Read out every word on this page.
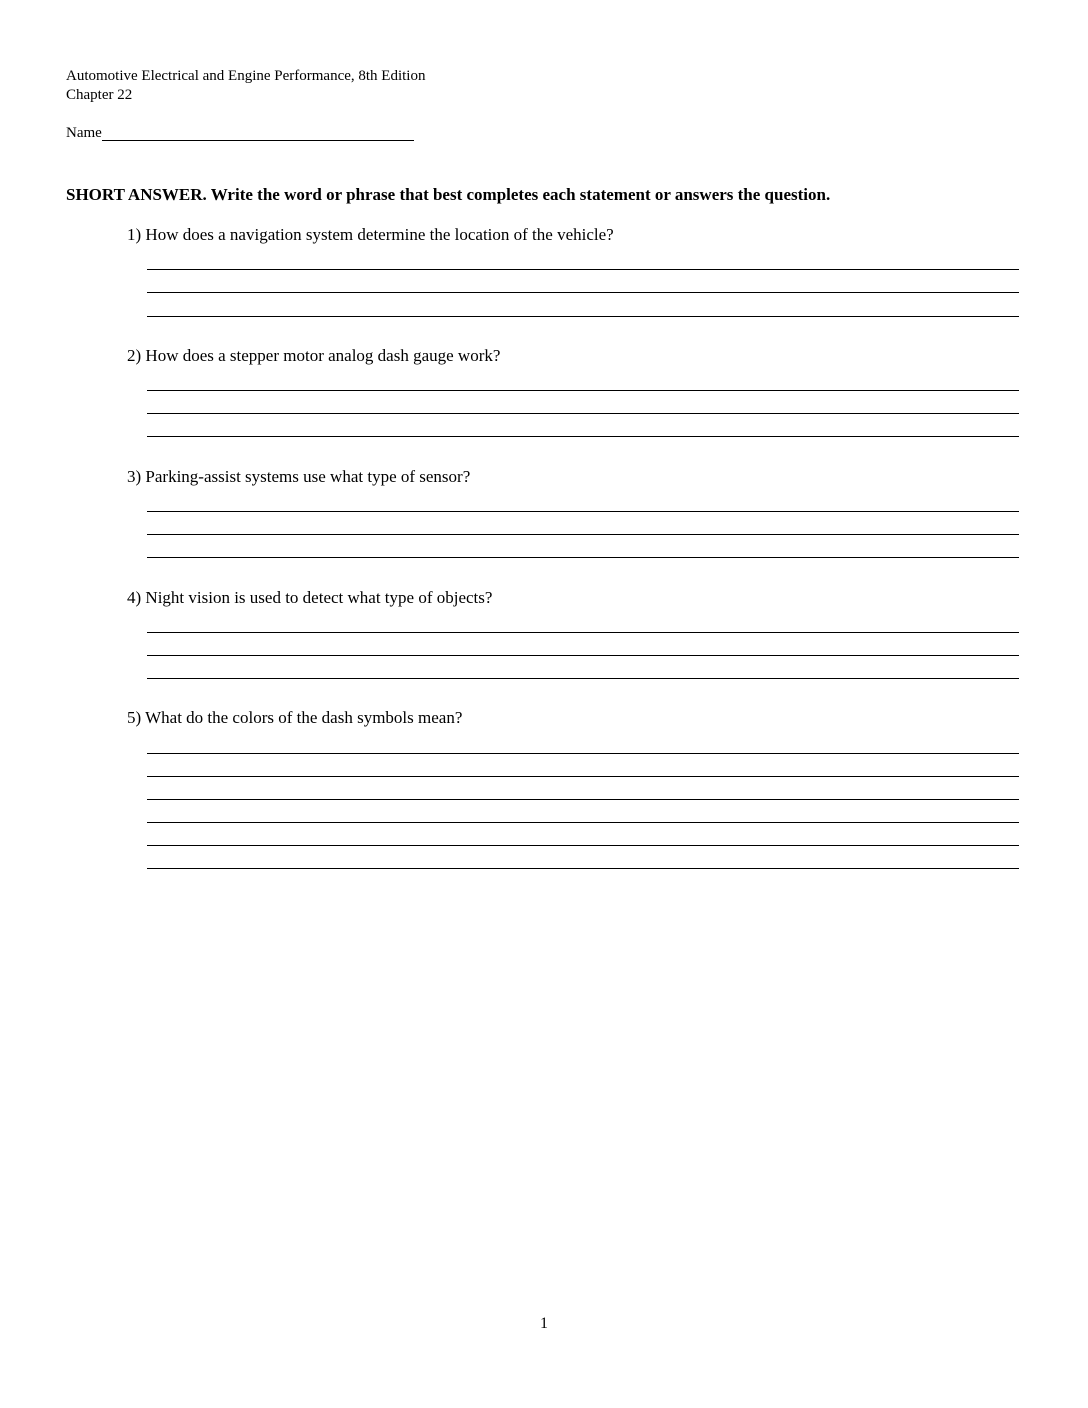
Automotive Electrical and Engine Performance, 8th Edition
Chapter 22
Name
SHORT ANSWER. Write the word or phrase that best completes each statement or answers the question.
1) How does a navigation system determine the location of the vehicle?
2) How does a stepper motor analog dash gauge work?
3) Parking-assist systems use what type of sensor?
4) Night vision is used to detect what type of objects?
5) What do the colors of the dash symbols mean?
1
